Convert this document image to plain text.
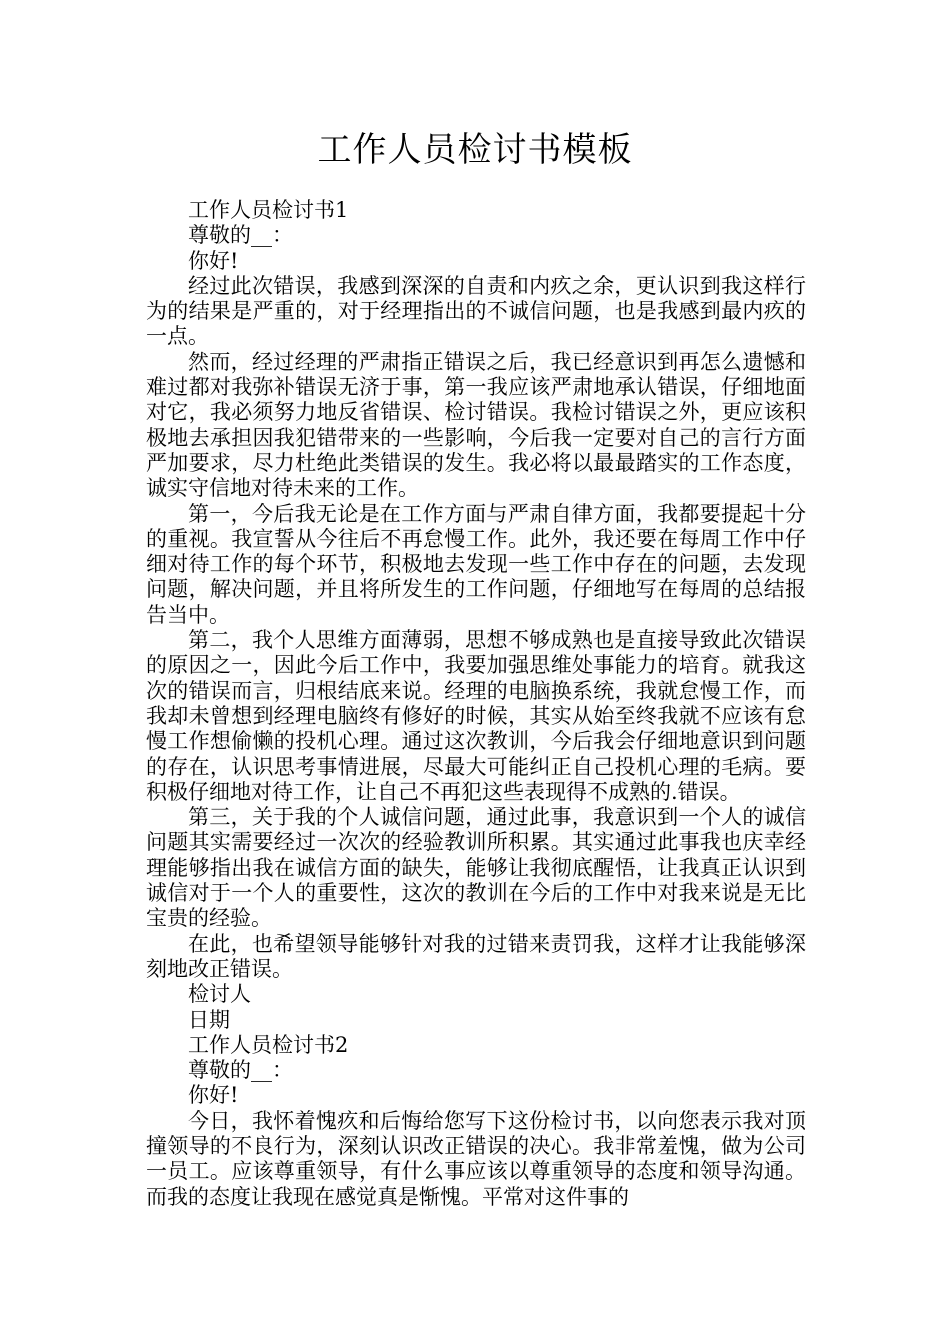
工作人员检讨书模板

工作人员检讨书1

尊敬的__：

你好!

经过此次错误，我感到深深的自责和内疚之余，更认识到我这样行为的结果是严重的，对于经理指出的不诚信问题，也是我感到最内疚的一点。

然而，经过经理的严肃指正错误之后，我已经意识到再怎么遗憾和难过都对我弥补错误无济于事，第一我应该严肃地承认错误，仔细地面对它，我必须努力地反省错误、检讨错误。我检讨错误之外，更应该积极地去承担因我犯错带来的一些影响，今后我一定要对自己的言行方面严加要求，尽力杜绝此类错误的发生。我必将以最最踏实的工作态度，诚实守信地对待未来的工作。

第一，今后我无论是在工作方面与严肃自律方面，我都要提起十分的重视。我宣誓从今往后不再怠慢工作。此外，我还要在每周工作中仔细对待工作的每个环节，积极地去发现一些工作中存在的问题，去发现问题，解决问题，并且将所发生的工作问题，仔细地写在每周的总结报告当中。

第二，我个人思维方面薄弱，思想不够成熟也是直接导致此次错误的原因之一，因此今后工作中，我要加强思维处事能力的培育。就我这次的错误而言，归根结底来说。经理的电脑换系统，我就怠慢工作，而我却未曾想到经理电脑终有修好的时候，其实从始至终我就不应该有怠慢工作想偷懒的投机心理。通过这次教训，今后我会仔细地意识到问题的存在，认识思考事情进展，尽最大可能纠正自己投机心理的毛病。要积极仔细地对待工作，让自己不再犯这些表现得不成熟的.错误。

第三，关于我的个人诚信问题，通过此事，我意识到一个人的诚信问题其实需要经过一次次的经验教训所积累。其实通过此事我也庆幸经理能够指出我在诚信方面的缺失，能够让我彻底醒悟，让我真正认识到诚信对于一个人的重要性，这次的教训在今后的工作中对我来说是无比宝贵的经验。

在此，也希望领导能够针对我的过错来责罚我，这样才让我能够深刻地改正错误。

检讨人

日期

工作人员检讨书2

尊敬的__：

你好!

今日，我怀着愧疚和后悔给您写下这份检讨书，以向您表示我对顶撞领导的不良行为，深刻认识改正错误的决心。我非常羞愧，做为公司一员工。应该尊重领导，有什么事应该以尊重领导的态度和领导沟通。而我的态度让我现在感觉真是惭愧。平常对这件事的
